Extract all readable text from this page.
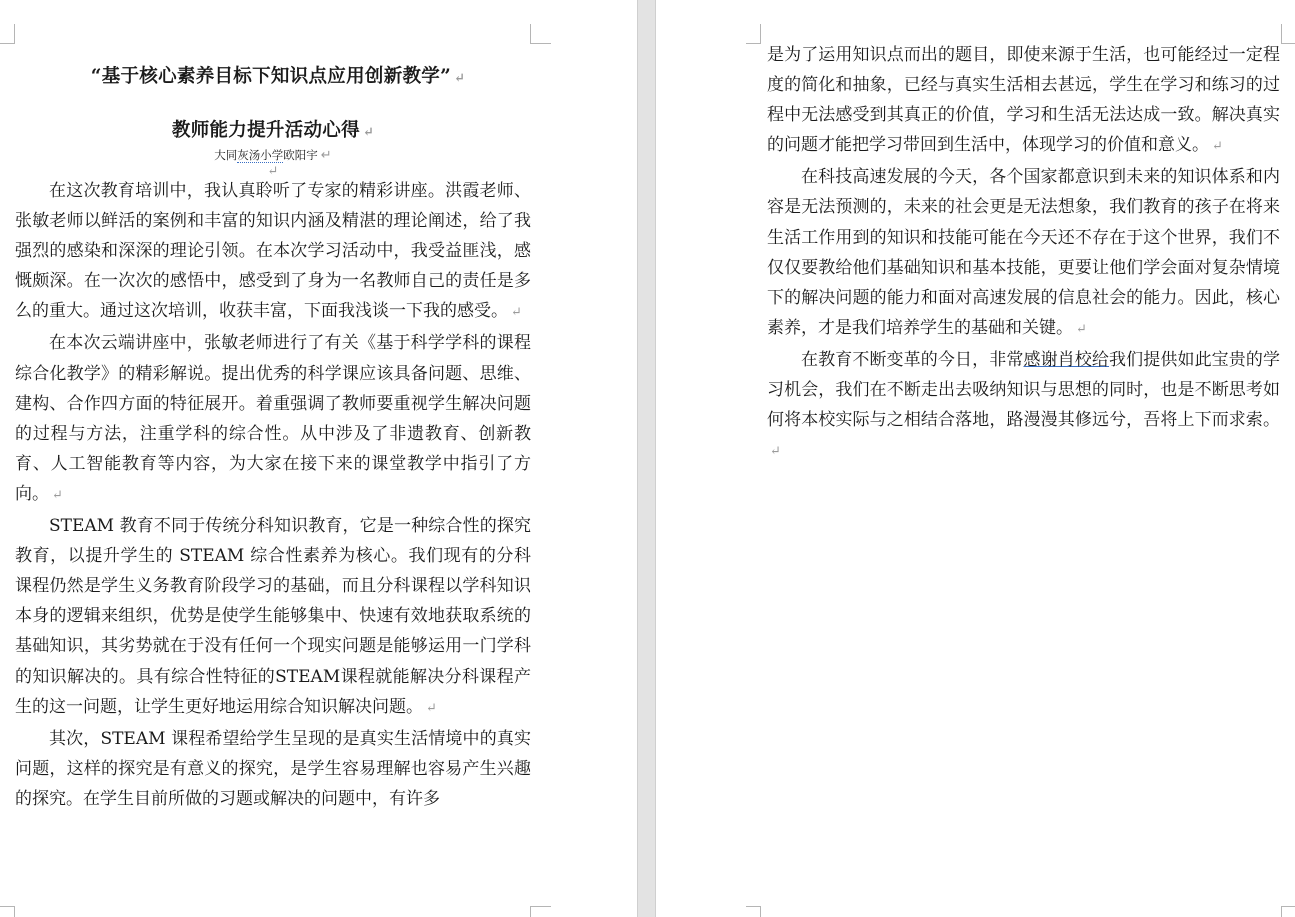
“基于核心素养目标下知识点应用创新教学” ↵
教师能力提升活动心得 ↵
大同灰汤小学欧阳宇 ↵
↵

在这次教育培训中，我认真聆听了专家的精彩讲座。洪霞老师、张敏老师以鲜活的案例和丰富的知识内涵及精湛的理论阐述，给了我强烈的感染和深深的理论引领。在本次学习活动中，我受益匪浅，感慨颇深。在一次次的感悟中，感受到了身为一名教师自己的责任是多么的重大。通过这次培训，收获丰富，下面我浅谈一下我的感受。 ↵

在本次云端讲座中，张敏老师进行了有关《基于科学学科的课程综合化教学》的精彩解说。提出优秀的科学课应该具备问题、思维、建构、合作四方面的特征展开。着重强调了教师要重视学生解决问题的过程与方法，注重学科的综合性。从中涉及了非遗教育、创新教育、人工智能教育等内容，为大家在接下来的课堂教学中指引了方向。 ↵

STEAM 教育不同于传统分科知识教育，它是一种综合性的探究教育，以提升学生的 STEAM 综合性素养为核心。我们现有的分科课程仍然是学生义务教育阶段学习的基础，而且分科课程以学科知识本身的逻辑来组织，优势是使学生能够集中、快速有效地获取系统的基础知识，其劣势就在于没有任何一个现实问题是能够运用一门学科的知识解决的。具有综合性特征的STEAM课程就能解决分科课程产生的这一问题，让学生更好地运用综合知识解决问题。 ↵

其次，STEAM 课程希望给学生呈现的是真实生活情境中的真实问题，这样的探究是有意义的探究，是学生容易理解也容易产生兴趣的探究。在学生目前所做的习题或解决的问题中，有许多

是为了运用知识点而出的题目，即使来源于生活，也可能经过一定程度的简化和抽象，已经与真实生活相去甚远，学生在学习和练习的过程中无法感受到其真正的价值，学习和生活无法达成一致。解决真实的问题才能把学习带回到生活中，体现学习的价值和意义。 ↵

在科技高速发展的今天，各个国家都意识到未来的知识体系和内容是无法预测的，未来的社会更是无法想象，我们教育的孩子在将来生活工作用到的知识和技能可能在今天还不存在于这个世界，我们不仅仅要教给他们基础知识和基本技能，更要让他们学会面对复杂情境下的解决问题的能力和面对高速发展的信息社会的能力。因此，核心素养，才是我们培养学生的基础和关键。 ↵

在教育不断变革的今日，非常感谢肖校给我们提供如此宝贵的学习机会，我们在不断走出去吸纳知识与思想的同时，也是不断思考如何将本校实际与之相结合落地，路漫漫其修远兮，吾将上下而求索。↵
